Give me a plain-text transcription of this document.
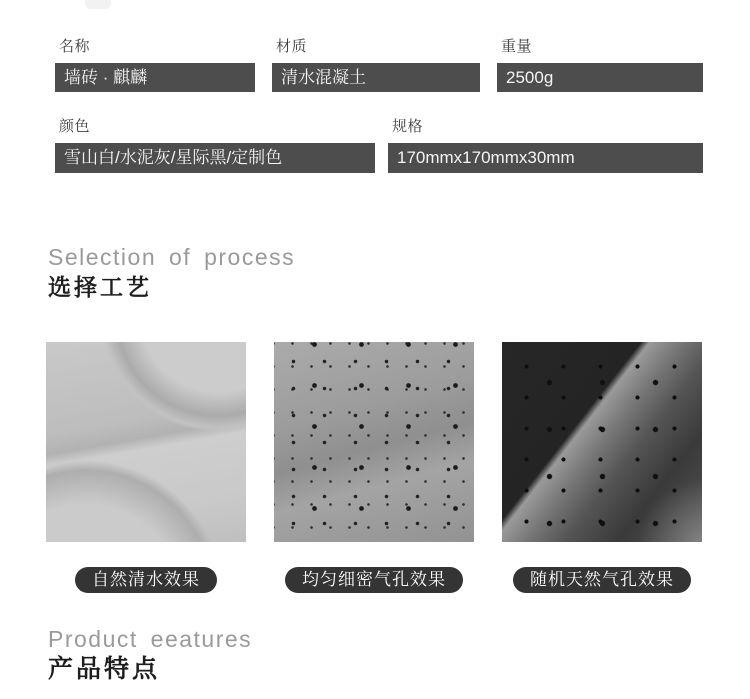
名称
墙砖 · 麒麟
材质
清水混凝土
重量
2500g
颜色
雪山白/水泥灰/星际黑/定制色
规格
170mmx170mmx30mm
Selection of process
选择工艺
自然清水效果	均匀细密气孔效果	随机天然气孔效果
Product eeatures
产品特点
